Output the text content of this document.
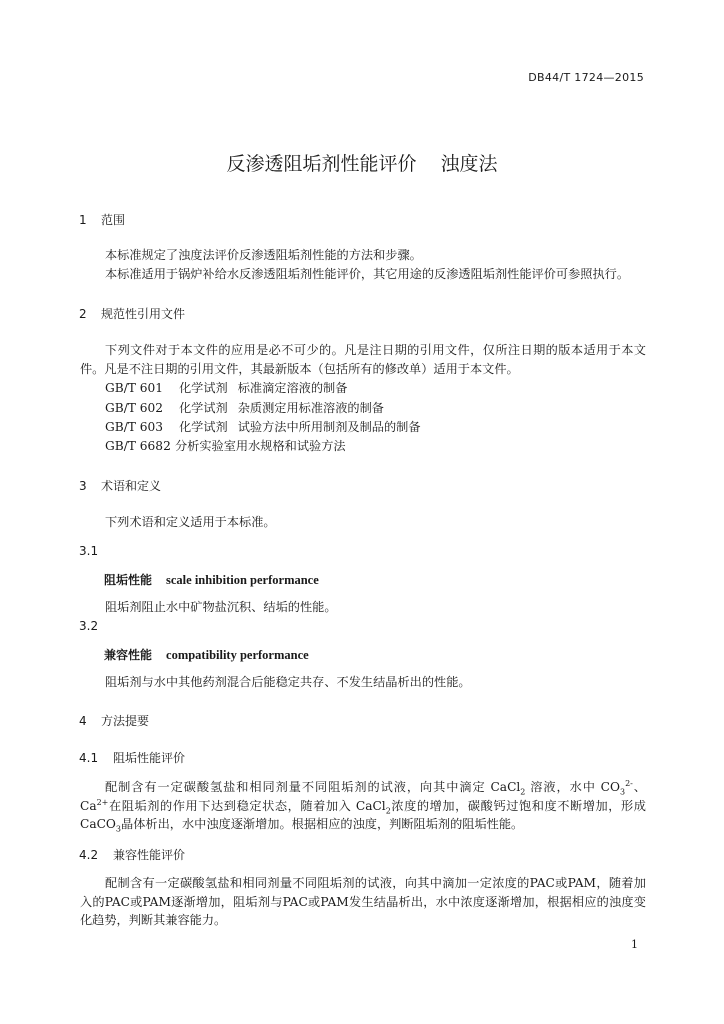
DB44/T 1724—2015
反渗透阻垢剂性能评价 浊度法
1 范围
本标准规定了浊度法评价反渗透阻垢剂性能的方法和步骤。
本标准适用于锅炉补给水反渗透阻垢剂性能评价，其它用途的反渗透阻垢剂性能评价可参照执行。
2 规范性引用文件
下列文件对于本文件的应用是必不可少的。凡是注日期的引用文件，仅所注日期的版本适用于本文件。凡是不注日期的引用文件，其最新版本（包括所有的修改单）适用于本文件。
GB/T 601 化学试剂 标准滴定溶液的制备
GB/T 602 化学试剂 杂质测定用标准溶液的制备
GB/T 603 化学试剂 试验方法中所用制剂及制品的制备
GB/T 6682 分析实验室用水规格和试验方法
3 术语和定义
下列术语和定义适用于本标准。
3.1
阻垢性能 scale inhibition performance
阻垢剂阻止水中矿物盐沉积、结垢的性能。
3.2
兼容性能 compatibility performance
阻垢剂与水中其他药剂混合后能稳定共存、不发生结晶析出的性能。
4 方法提要
4.1 阻垢性能评价
配制含有一定碳酸氢盐和相同剂量不同阻垢剂的试液，向其中滴定 CaCl$_2$ 溶液，水中 $CO_3^{2-}$、$Ca^{2+}$在阻垢剂的作用下达到稳定状态，随着加入 CaCl$_2$浓度的增加，碳酸钙过饱和度不断增加，形成 CaCO$_3$晶体析出，水中浊度逐渐增加。根据相应的浊度，判断阻垢剂的阻垢性能。
4.2 兼容性能评价
配制含有一定碳酸氢盐和相同剂量不同阻垢剂的试液，向其中滴加一定浓度的PAC或PAM，随着加入的PAC或PAM逐渐增加，阻垢剂与PAC或PAM发生结晶析出，水中浓度逐渐增加，根据相应的浊度变化趋势，判断其兼容能力。
1
